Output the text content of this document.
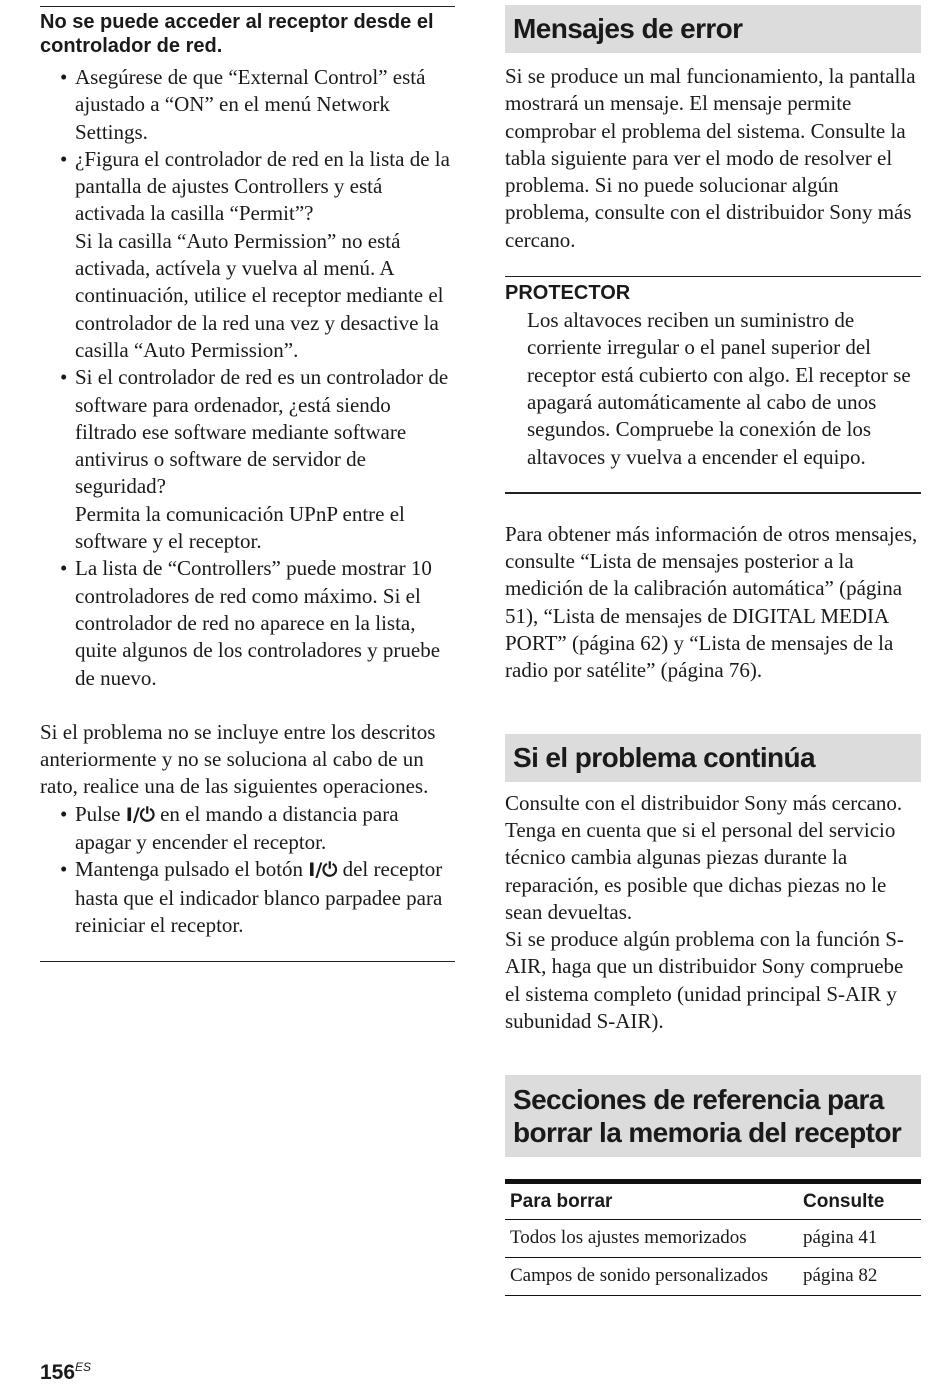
No se puede acceder al receptor desde el controlador de red.
• Asegúrese de que “External Control” está ajustado a “ON” en el menú Network Settings.
• ¿Figura el controlador de red en la lista de la pantalla de ajustes Controllers y está activada la casilla “Permit”?
Si la casilla “Auto Permission” no está activada, actívela y vuelva al menú. A continuación, utilice el receptor mediante el controlador de la red una vez y desactive la casilla “Auto Permission”.
• Si el controlador de red es un controlador de software para ordenador, ¿está siendo filtrado ese software mediante software antivirus o software de servidor de seguridad?
Permita la comunicación UPnP entre el software y el receptor.
• La lista de “Controllers” puede mostrar 10 controladores de red como máximo. Si el controlador de red no aparece en la lista, quite algunos de los controladores y pruebe de nuevo.

Si el problema no se incluye entre los descritos anteriormente y no se soluciona al cabo de un rato, realice una de las siguientes operaciones.

• Pulse I/⏻ en el mando a distancia para apagar y encender el receptor.
• Mantenga pulsado el botón I/⏻ del receptor hasta que el indicador blanco parpadee para reiniciar el receptor.
Mensajes de error

Si se produce un mal funcionamiento, la pantalla mostrará un mensaje. El mensaje permite comprobar el problema del sistema. Consulte la tabla siguiente para ver el modo de resolver el problema. Si no puede solucionar algún problema, consulte con el distribuidor Sony más cercano.

PROTECTOR

Los altavoces reciben un suministro de corriente irregular o el panel superior del receptor está cubierto con algo. El receptor se apagará automáticamente al cabo de unos segundos. Compruebe la conexión de los altavoces y vuelva a encender el equipo.

Para obtener más información de otros mensajes, consulte “Lista de mensajes posterior a la medición de la calibración automática” (página 51), “Lista de mensajes de DIGITAL MEDIA PORT” (página 62) y “Lista de mensajes de la radio por satélite” (página 76).

Si el problema continúa

Consulte con el distribuidor Sony más cercano. Tenga en cuenta que si el personal del servicio técnico cambia algunas piezas durante la reparación, es posible que dichas piezas no le sean devueltas.

Si se produce algún problema con la función S-AIR, haga que un distribuidor Sony compruebe el sistema completo (unidad principal S-AIR y subunidad S-AIR).

Secciones de referencia para
borrar la memoria del receptor
Para borrar	Consulte
Todos los ajustes memorizados	página 41
Campos de sonido personalizados	página 82
$156^{ES}$
